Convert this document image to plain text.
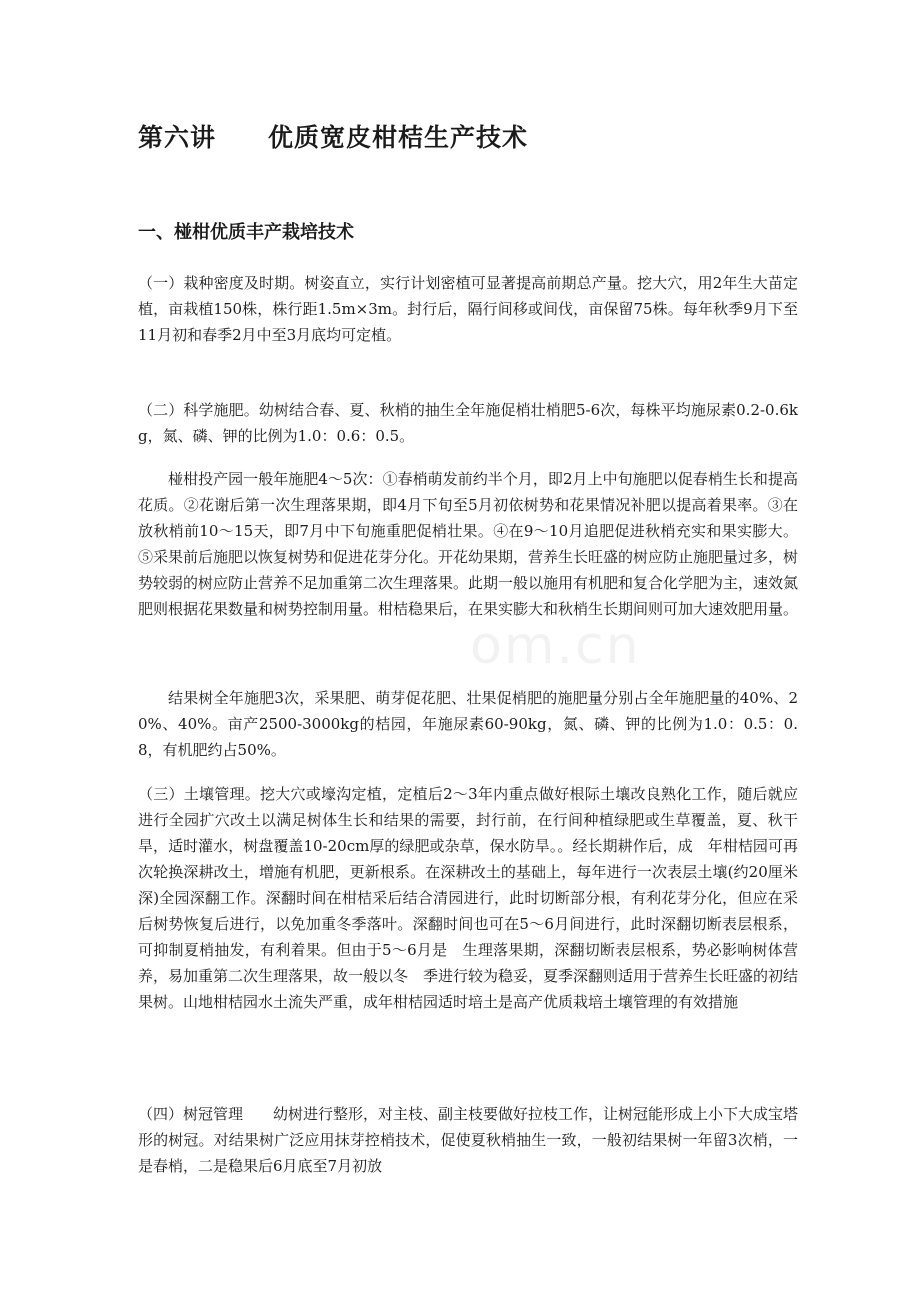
第六讲　　优质宽皮柑桔生产技术
一、椪柑优质丰产栽培技术

（一）栽种密度及时期。树姿直立，实行计划密植可显著提高前期总产量。挖大穴，用2年生大苗定植，亩栽植150株，株行距1.5m×3m。封行后，隔行间移或间伐，亩保留75株。每年秋季9月下至11月初和春季2月中至3月底均可定植。

（二）科学施肥。幼树结合春、夏、秋梢的抽生全年施促梢壮梢肥5-6次，每株平均施尿素0.2-0.6kg，氮、磷、钾的比例为1.0：0.6：0.5。

椪柑投产园一般年施肥4～5次：①春梢萌发前约半个月，即2月上中旬施肥以促春梢生长和提高花质。②花谢后第一次生理落果期，即4月下旬至5月初依树势和花果情况补肥以提高着果率。③在放秋梢前10～15天，即7月中下旬施重肥促梢壮果。④在9～10月追肥促进秋梢充实和果实膨大。⑤采果前后施肥以恢复树势和促进花芽分化。开花幼果期，营养生长旺盛的树应防止施肥量过多，树势较弱的树应防止营养不足加重第二次生理落果。此期一般以施用有机肥和复合化学肥为主，速效氮肥则根据花果数量和树势控制用量。柑桔稳果后，在果实膨大和秋梢生长期间则可加大速效肥用量。

结果树全年施肥3次，采果肥、萌芽促花肥、壮果促梢肥的施肥量分别占全年施肥量的40%、20%、40%。亩产2500-3000kg的桔园，年施尿素60-90kg，氮、磷、钾的比例为1.0：0.5：0.8，有机肥约占50%。

（三）土壤管理。挖大穴或壕沟定植，定植后2～3年内重点做好根际土壤改良熟化工作，随后就应进行全园扩穴改土以满足树体生长和结果的需要，封行前，在行间种植绿肥或生草覆盖，夏、秋干旱，适时灌水，树盘覆盖10-20cm厚的绿肥或杂草，保水防旱。。经长期耕作后，成　年柑桔园可再次轮换深耕改土，增施有机肥，更新根系。在深耕改土的基础上，每年进行一次表层土壤(约20厘米深)全园深翻工作。深翻时间在柑桔采后结合清园进行，此时切断部分根，有利花芽分化，但应在采后树势恢复后进行，以免加重冬季落叶。深翻时间也可在5～6月间进行，此时深翻切断表层根系，可抑制夏梢抽发，有利着果。但由于5～6月是　生理落果期，深翻切断表层根系，势必影响树体营养，易加重第二次生理落果，故一般以冬　季进行较为稳妥，夏季深翻则适用于营养生长旺盛的初结果树。山地柑桔园水土流失严重，成年柑桔园适时培土是高产优质栽培土壤管理的有效措施

（四）树冠管理　　幼树进行整形，对主枝、副主枝要做好拉枝工作，让树冠能形成上小下大成宝塔形的树冠。对结果树广泛应用抹芽控梢技术，促使夏秋梢抽生一致，一般初结果树一年留3次梢，一是春梢，二是稳果后6月底至7月初放

om.cn
